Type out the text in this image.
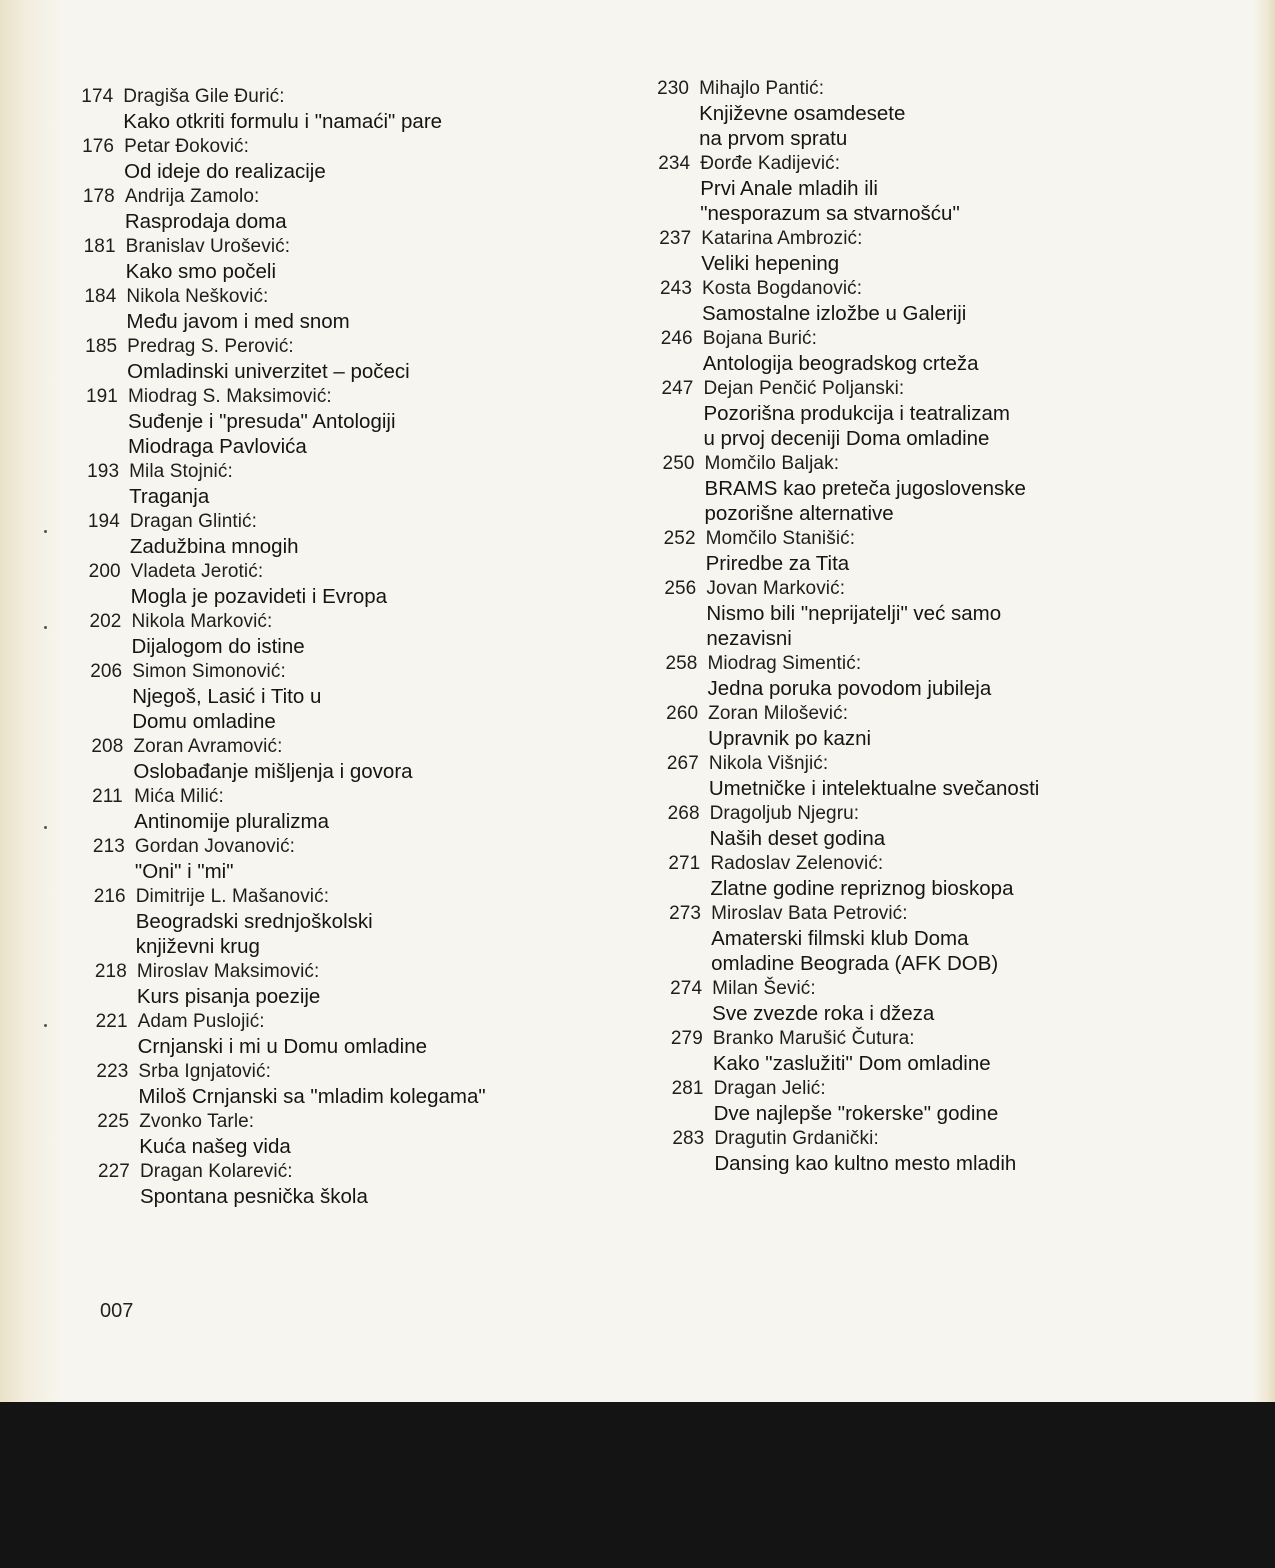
174 Dragiša Gile Đurić:
Kako otkriti formulu i "namaći" pare
176 Petar Đoković:
Od ideje do realizacije
178 Andrija Zamolo:
Rasprodaja doma
181 Branislav Urošević:
Kako smo počeli
184 Nikola Nešković:
Među javom i med snom
185 Predrag S. Perović:
Omladinski univerzitet – počeci
191 Miodrag S. Maksimović:
Suđenje i "presuda" Antologiji
Miodraga Pavlovića
193 Mila Stojnić:
Traganja
194 Dragan Glintić:
Zadužbina mnogih
200 Vladeta Jerotić:
Mogla je pozavideti i Evropa
202 Nikola Marković:
Dijalogom do istine
206 Simon Simonović:
Njegoš, Lasić i Tito u
Domu omladine
208 Zoran Avramović:
Oslobađanje mišljenja i govora
211 Mića Milić:
Antinomije pluralizma
213 Gordan Jovanović:
"Oni" i "mi"
216 Dimitrije L. Mašanović:
Beogradski srednjoškolski
književni krug
218 Miroslav Maksimović:
Kurs pisanja poezije
221 Adam Puslojić:
Crnjanski i mi u Domu omladine
223 Srba Ignjatović:
Miloš Crnjanski sa "mladim kolegama"
225 Zvonko Tarle:
Kuća našeg vida
227 Dragan Kolarević:
Spontana pesnička škola
230 Mihajlo Pantić:
Književne osamdesete
na prvom spratu
234 Đorđe Kadijević:
Prvi Anale mladih ili
"nesporazum sa stvarnošću"
237 Katarina Ambrozić:
Veliki hepening
243 Kosta Bogdanović:
Samostalne izložbe u Galeriji
246 Bojana Burić:
Antologija beogradskog crteža
247 Dejan Penčić Poljanski:
Pozorišna produkcija i teatralizam
u prvoj deceniji Doma omladine
250 Momčilo Baljak:
BRAMS kao preteča jugoslovenske
pozorišne alternative
252 Momčilo Stanišić:
Priredbe za Tita
256 Jovan Marković:
Nismo bili "neprijatelji" već samo
nezavisni
258 Miodrag Simentić:
Jedna poruka povodom jubileja
260 Zoran Milošević:
Upravnik po kazni
267 Nikola Višnjić:
Umetničke i intelektualne svečanosti
268 Dragoljub Njegru:
Naših deset godina
271 Radoslav Zelenović:
Zlatne godine repriznog bioskopa
273 Miroslav Bata Petrović:
Amaterski filmski klub Doma
omladine Beograda (AFK DOB)
274 Milan Šević:
Sve zvezde roka i džeza
279 Branko Marušić Čutura:
Kako "zaslužiti" Dom omladine
281 Dragan Jelić:
Dve najlepše "rokerske" godine
283 Dragutin Grdanički:
Dansing kao kultno mesto mladih
007
